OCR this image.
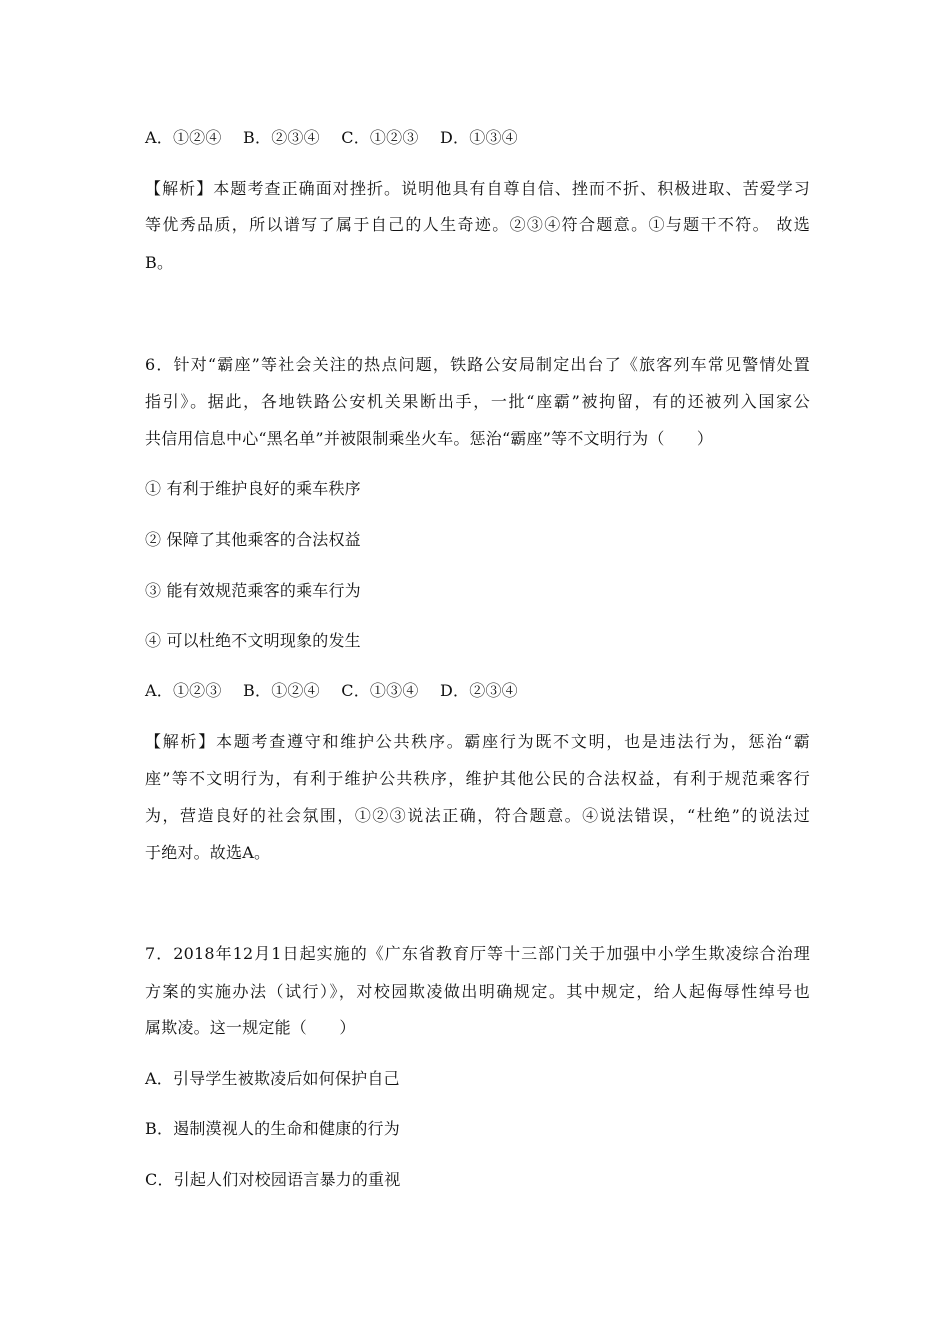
A．①②④　 B．②③④　 C．①②③　 D．①③④
【解析】本题考查正确面对挫折。说明他具有自尊自信、挫而不折、积极进取、苦爱学习
等优秀品质，所以谱写了属于自己的人生奇迹。②③④符合题意。①与题干不符。 故选
B。
6．针对“霸座”等社会关注的热点问题，铁路公安局制定出台了《旅客列车常见警情处置
指引》。据此，各地铁路公安机关果断出手，一批“座霸”被拘留，有的还被列入国家公
共信用信息中心“黑名单”并被限制乘坐火车。惩治“霸座”等不文明行为（　　）
① 有利于维护良好的乘车秩序
② 保障了其他乘客的合法权益
③ 能有效规范乘客的乘车行为
④ 可以杜绝不文明现象的发生
A．①②③　 B．①②④　 C．①③④　 D．②③④
【解析】本题考查遵守和维护公共秩序。霸座行为既不文明，也是违法行为，惩治“霸
座”等不文明行为，有利于维护公共秩序，维护其他公民的合法权益，有利于规范乘客行
为，营造良好的社会氛围，①②③说法正确，符合题意。④说法错误，“杜绝”的说法过
于绝对。故选A。
7．2018年12月1日起实施的《广东省教育厅等十三部门关于加强中小学生欺凌综合治理
方案的实施办法（试行）》，对校园欺凌做出明确规定。其中规定，给人起侮辱性绰号也
属欺凌。这一规定能（　　）
A．引导学生被欺凌后如何保护自己
B．遏制漠视人的生命和健康的行为
C．引起人们对校园语言暴力的重视
